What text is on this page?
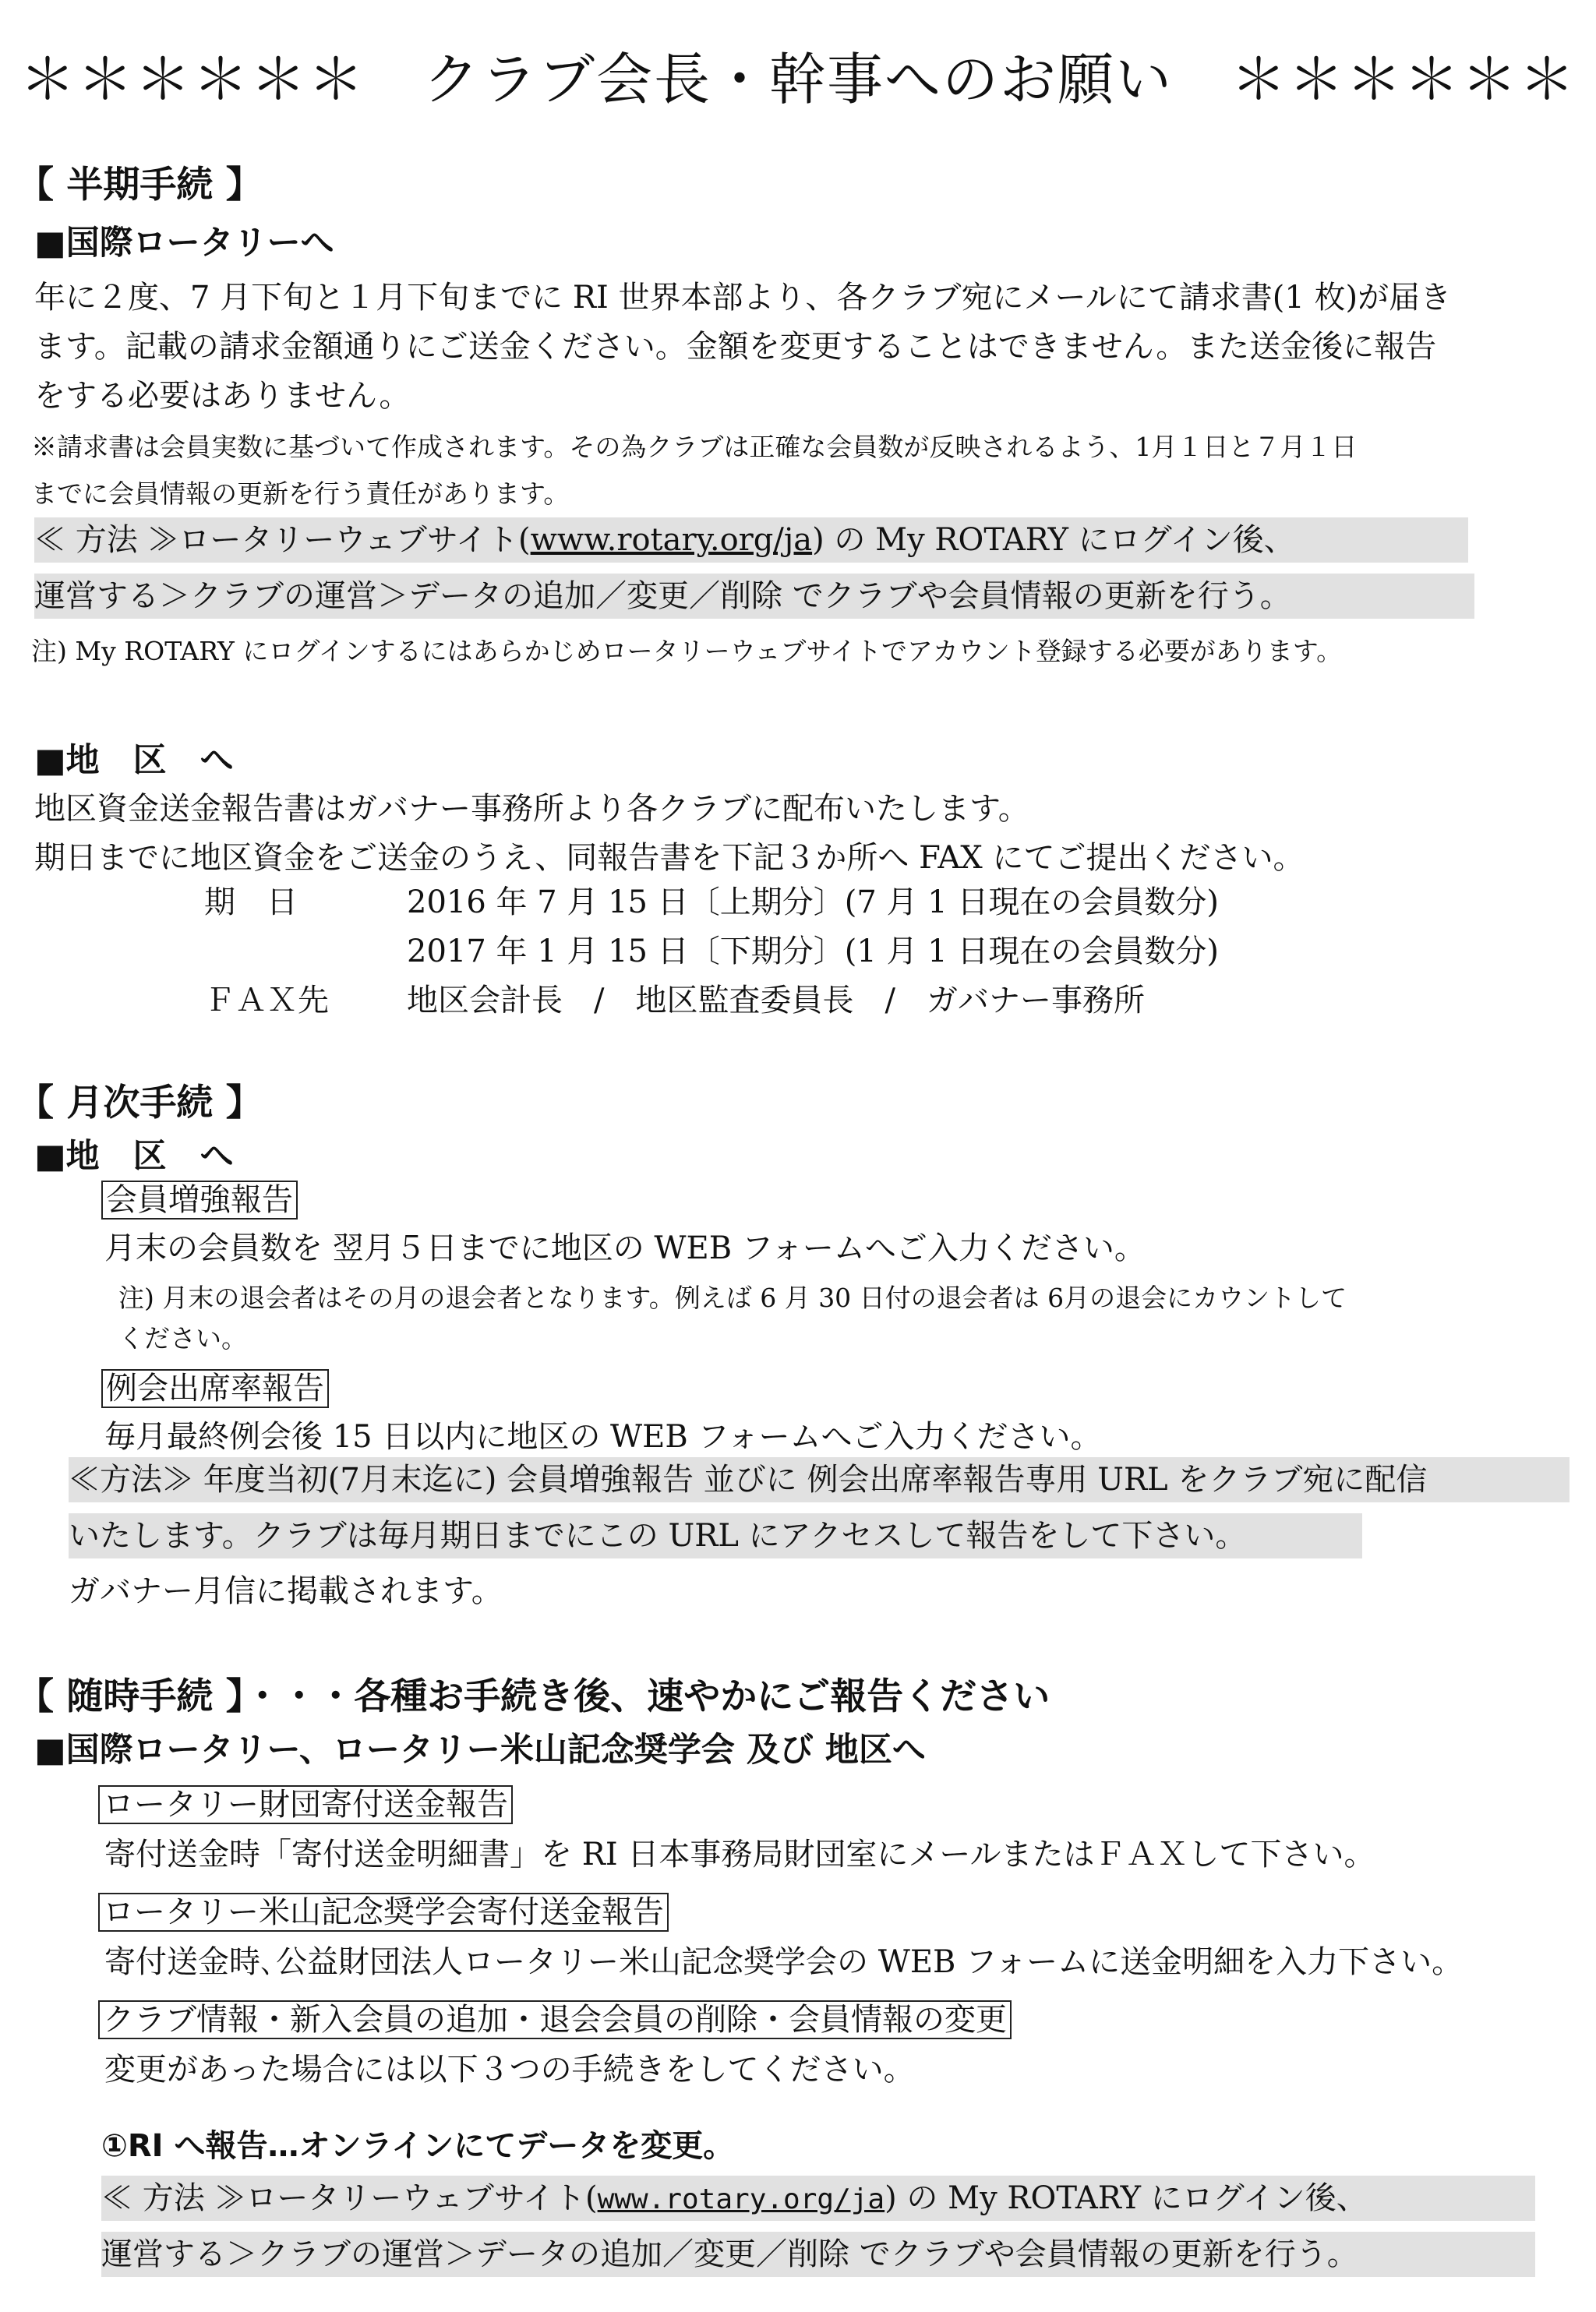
＊＊＊＊＊＊　クラブ会長・幹事へのお願い　＊＊＊＊＊＊
【 半期手続 】
■国際ロータリーへ
年に２度、7 月下旬と１月下旬までに RI 世界本部より、各クラブ宛にメールにて請求書(1 枚)が届き
ます。記載の請求金額通りにご送金ください。金額を変更することはできません。また送金後に報告
をする必要はありません。
※請求書は会員実数に基づいて作成されます。その為クラブは正確な会員数が反映されるよう、1月１日と７月１日
までに会員情報の更新を行う責任があります。
≪ 方法 ≫ロータリーウェブサイト(www.rotary.org/ja) の My ROTARY にログイン後、
運営する＞クラブの運営＞データの追加／変更／削除 でクラブや会員情報の更新を行う。
注) My ROTARY にログインするにはあらかじめロータリーウェブサイトでアカウント登録する必要があります。
■地　区　へ
地区資金送金報告書はガバナー事務所より各クラブに配布いたします。
期日までに地区資金をご送金のうえ、同報告書を下記３か所へ FAX にてご提出ください。
期　日	2016 年 7 月 15 日〔上期分〕(7 月 1 日現在の会員数分)
2017 年 1 月 15 日〔下期分〕(1 月 1 日現在の会員数分)
ＦＡＸ先	地区会計長　/　地区監査委員長　/　ガバナー事務所
【 月次手続 】
■地　区　へ
会員増強報告
月末の会員数を 翌月５日までに地区の WEB フォームへご入力ください。
注) 月末の退会者はその月の退会者となります。例えば 6 月 30 日付の退会者は 6月の退会にカウントして
ください。
例会出席率報告
毎月最終例会後 15 日以内に地区の WEB フォームへご入力ください。
≪方法≫ 年度当初(7月末迄に) 会員増強報告 並びに 例会出席率報告専用 URL をクラブ宛に配信
いたします。クラブは毎月期日までにこの URL にアクセスして報告をして下さい。
ガバナー月信に掲載されます。
【 随時手続 】・・・各種お手続き後、速やかにご報告ください
■国際ロータリー、ロータリー米山記念奨学会 及び 地区へ
ロータリー財団寄付送金報告
寄付送金時「寄付送金明細書」を RI 日本事務局財団室にメールまたはＦＡＸして下さい。
ロータリー米山記念奨学会寄付送金報告
寄付送金時､公益財団法人ロータリー米山記念奨学会の WEB フォームに送金明細を入力下さい。
クラブ情報・新入会員の追加・退会会員の削除・会員情報の変更
変更があった場合には以下３つの手続きをしてください。
①RI へ報告…オンラインにてデータを変更。
≪ 方法 ≫ロータリーウェブサイト(www.rotary.org/ja) の My ROTARY にログイン後、
運営する＞クラブの運営＞データの追加／変更／削除 でクラブや会員情報の更新を行う。
